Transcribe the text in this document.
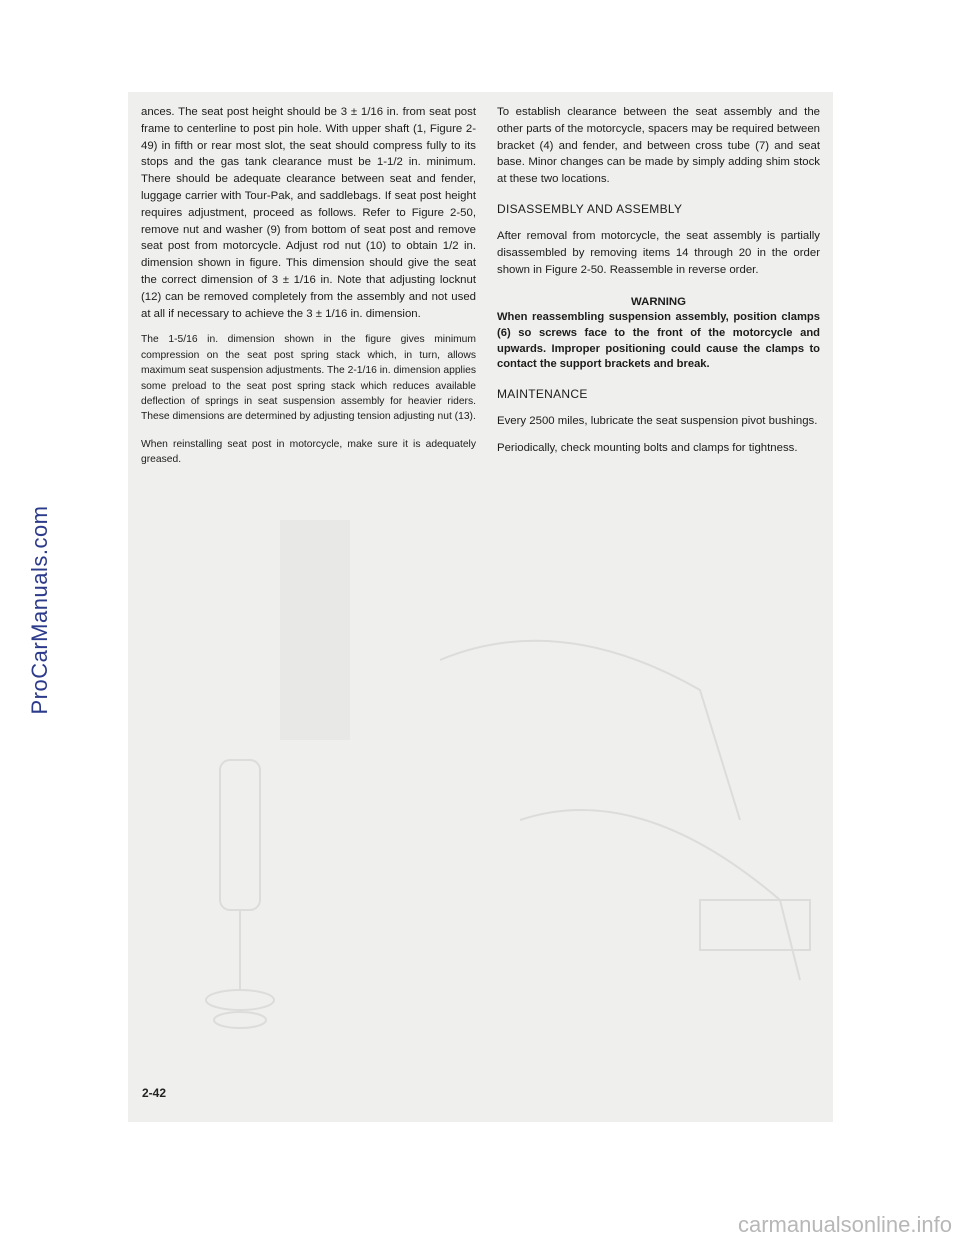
ances. The seat post height should be 3 ± 1/16 in. from seat post frame to centerline to post pin hole. With upper shaft (1, Figure 2-49) in fifth or rear most slot, the seat should compress fully to its stops and the gas tank clearance must be 1-1/2 in. minimum. There should be adequate clearance between seat and fender, luggage carrier with Tour-Pak, and saddlebags. If seat post height requires adjustment, proceed as follows. Refer to Figure 2-50, remove nut and washer (9) from bottom of seat post and remove seat post from motorcycle. Adjust rod nut (10) to obtain 1/2 in. dimension shown in figure. This dimension should give the seat the correct dimension of 3 ± 1/16 in. Note that adjusting locknut (12) can be removed completely from the assembly and not used at all if necessary to achieve the 3 ± 1/16 in. dimension.

The 1-5/16 in. dimension shown in the figure gives minimum compression on the seat post spring stack which, in turn, allows maximum seat suspension adjustments. The 2-1/16 in. dimension applies some preload to the seat post spring stack which reduces available deflection of springs in seat suspension assembly for heavier riders. These dimensions are determined by adjusting tension adjusting nut (13).

When reinstalling seat post in motorcycle, make sure it is adequately greased.

To establish clearance between the seat assembly and the other parts of the motorcycle, spacers may be required between bracket (4) and fender, and between cross tube (7) and seat base. Minor changes can be made by simply adding shim stock at these two locations.

DISASSEMBLY AND ASSEMBLY

After removal from motorcycle, the seat assembly is partially disassembled by removing items 14 through 20 in the order shown in Figure 2-50. Reassemble in reverse order.

WARNING

When reassembling suspension assembly, position clamps (6) so screws face to the front of the motorcycle and upwards. Improper positioning could cause the clamps to contact the support brackets and break.

MAINTENANCE

Every 2500 miles, lubricate the seat suspension pivot bushings.

Periodically, check mounting bolts and clamps for tightness.

2-42
ProCarManuals.com
carmanualsonline.info
